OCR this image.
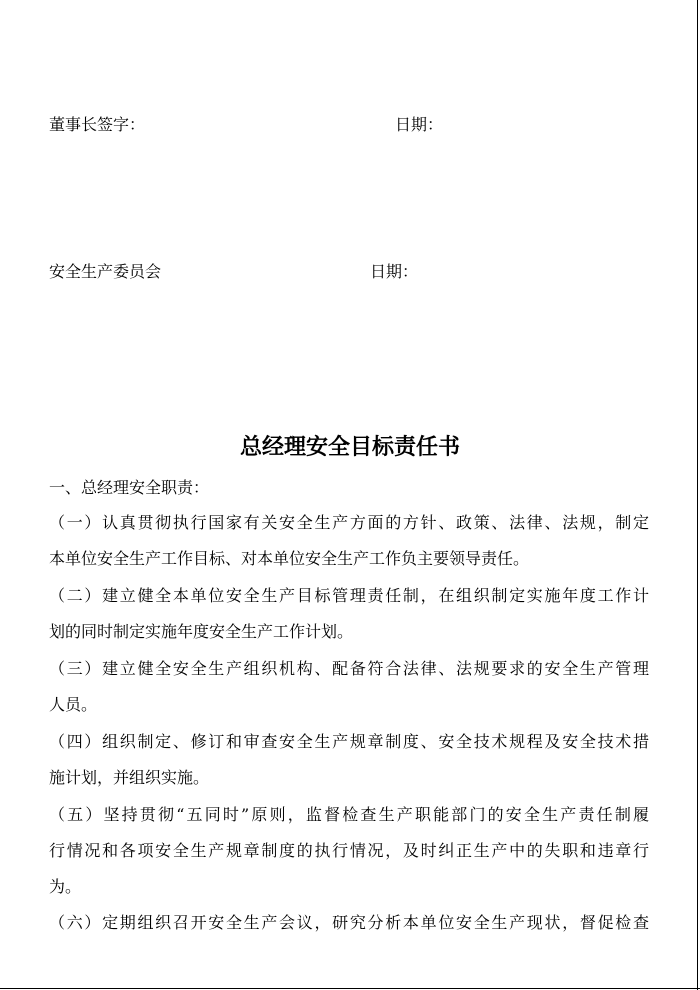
董事长签字：	日期：
安全生产委员会	日期：
总经理安全目标责任书
一、总经理安全职责：
（一）认真贯彻执行国家有关安全生产方面的方针、政策、法律、法规，制定
本单位安全生产工作目标、对本单位安全生产工作负主要领导责任。
（二）建立健全本单位安全生产目标管理责任制，在组织制定实施年度工作计
划的同时制定实施年度安全生产工作计划。
（三）建立健全安全生产组织机构、配备符合法律、法规要求的安全生产管理
人员。
（四）组织制定、修订和审查安全生产规章制度、安全技术规程及安全技术措
施计划，并组织实施。
（五）坚持贯彻“五同时”原则，监督检查生产职能部门的安全生产责任制履
行情况和各项安全生产规章制度的执行情况，及时纠正生产中的失职和违章行
为。
（六）定期组织召开安全生产会议，研究分析本单位安全生产现状，督促检查
